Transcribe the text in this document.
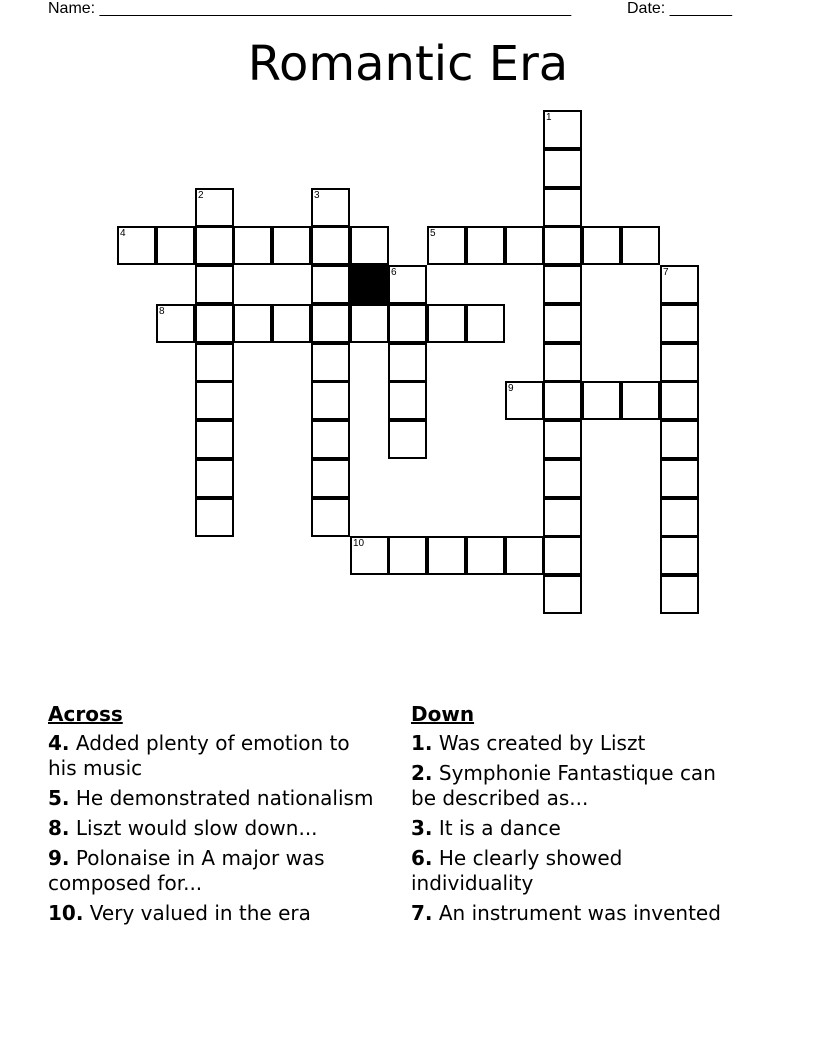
Name: _____________________________________________________	Date: _______
Romantic Era
1
2	3
4	5
6	7
8
9
10
Across
4. Added plenty of emotion to his music
5. He demonstrated nationalism
8. Liszt would slow down...
9. Polonaise in A major was composed for...
10. Very valued in the era
Down
1. Was created by Liszt
2. Symphonie Fantastique can be described as...
3. It is a dance
6. He clearly showed individuality
7. An instrument was invented
